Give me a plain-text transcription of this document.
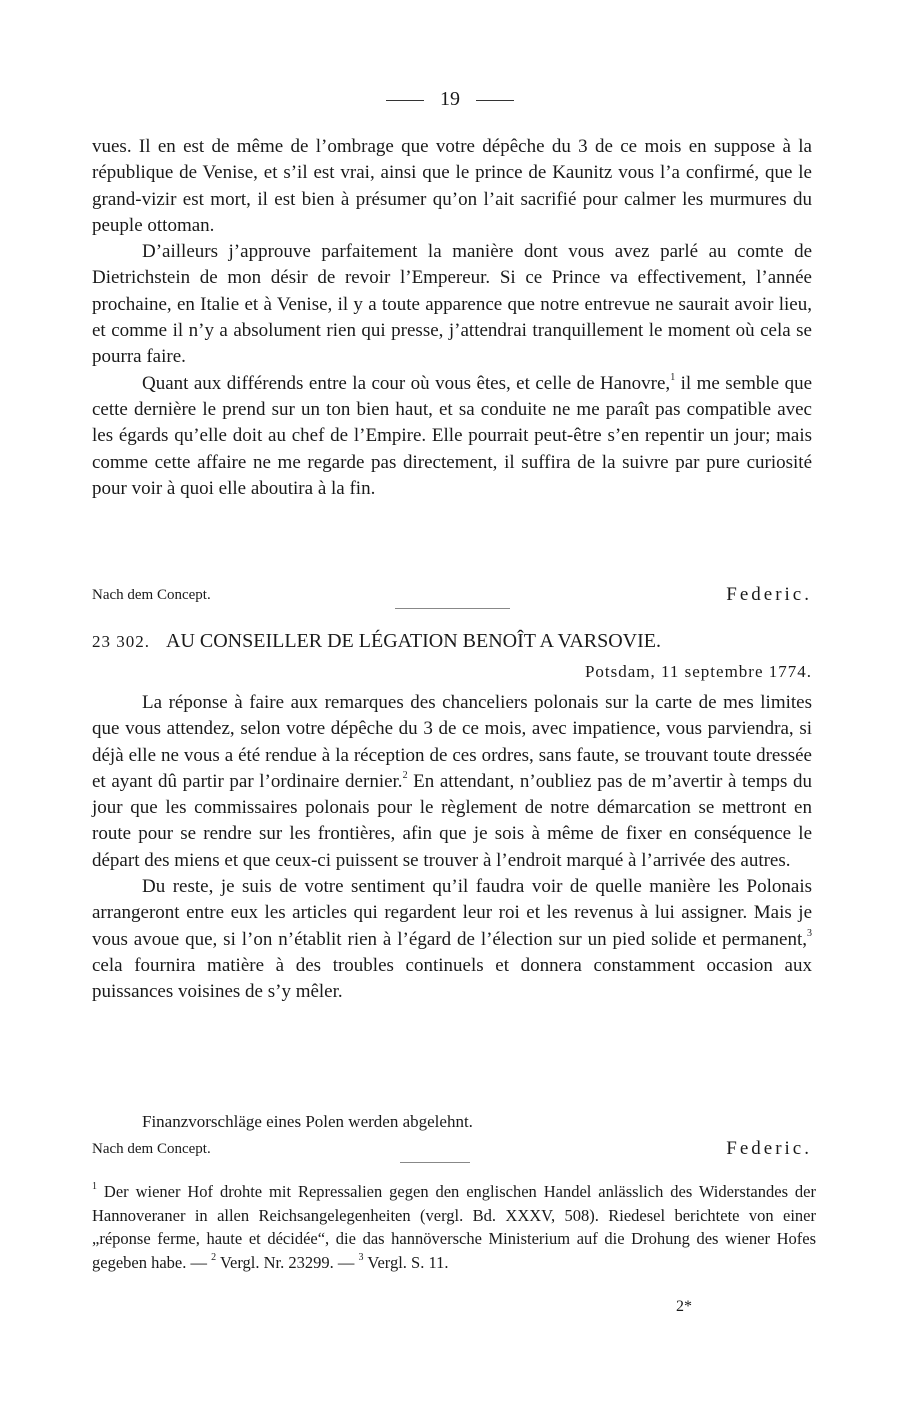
19

vues. Il en est de même de l’ombrage que votre dépêche du 3 de ce mois en suppose à la république de Venise, et s’il est vrai, ainsi que le prince de Kaunitz vous l’a confirmé, que le grand-vizir est mort, il est bien à présumer qu’on l’ait sacrifié pour calmer les murmures du peuple ottoman.

D’ailleurs j’approuve parfaitement la manière dont vous avez parlé au comte de Dietrichstein de mon désir de revoir l’Empereur. Si ce Prince va effectivement, l’année prochaine, en Italie et à Venise, il y a toute apparence que notre entrevue ne saurait avoir lieu, et comme il n’y a absolument rien qui presse, j’attendrai tranquillement le moment où cela se pourra faire.

Quant aux différends entre la cour où vous êtes, et celle de Hanovre,$^1$ il me semble que cette dernière le prend sur un ton bien haut, et sa conduite ne me paraît pas compatible avec les égards qu’elle doit au chef de l’Empire. Elle pourrait peut-être s’en repentir un jour; mais comme cette affaire ne me regarde pas directement, il suffira de la suivre par pure curiosité pour voir à quoi elle aboutira à la fin.

Nach dem Concept.	Federic.
23 302. AU CONSEILLER DE LÉGATION BENOÎT A VARSOVIE.
Potsdam, 11 septembre 1774.

La réponse à faire aux remarques des chanceliers polonais sur la carte de mes limites que vous attendez, selon votre dépêche du 3 de ce mois, avec impatience, vous parviendra, si déjà elle ne vous a été rendue à la réception de ces ordres, sans faute, se trouvant toute dressée et ayant dû partir par l’ordinaire dernier.$^2$ En attendant, n’oubliez pas de m’avertir à temps du jour que les commissaires polonais pour le règlement de notre démarcation se mettront en route pour se rendre sur les frontières, afin que je sois à même de fixer en conséquence le départ des miens et que ceux-ci puissent se trouver à l’endroit marqué à l’arrivée des autres.

Du reste, je suis de votre sentiment qu’il faudra voir de quelle manière les Polonais arrangeront entre eux les articles qui regardent leur roi et les revenus à lui assigner. Mais je vous avoue que, si l’on n’établit rien à l’égard de l’élection sur un pied solide et permanent,$^3$ cela fournira matière à des troubles continuels et donnera constamment occasion aux puissances voisines de s’y mêler.

Finanzvorschläge eines Polen werden abgelehnt.
Nach dem Concept.	Federic.
$^1$ Der wiener Hof drohte mit Repressalien gegen den englischen Handel anlässlich des Widerstandes der Hannoveraner in allen Reichsangelegenheiten (vergl. Bd. XXXV, 508). Riedesel berichtete von einer „réponse ferme, haute et décidée“, die das hannöversche Ministerium auf die Drohung des wiener Hofes gegeben habe. — $^2$ Vergl. Nr. 23299. — $^3$ Vergl. S. 11.
2*
